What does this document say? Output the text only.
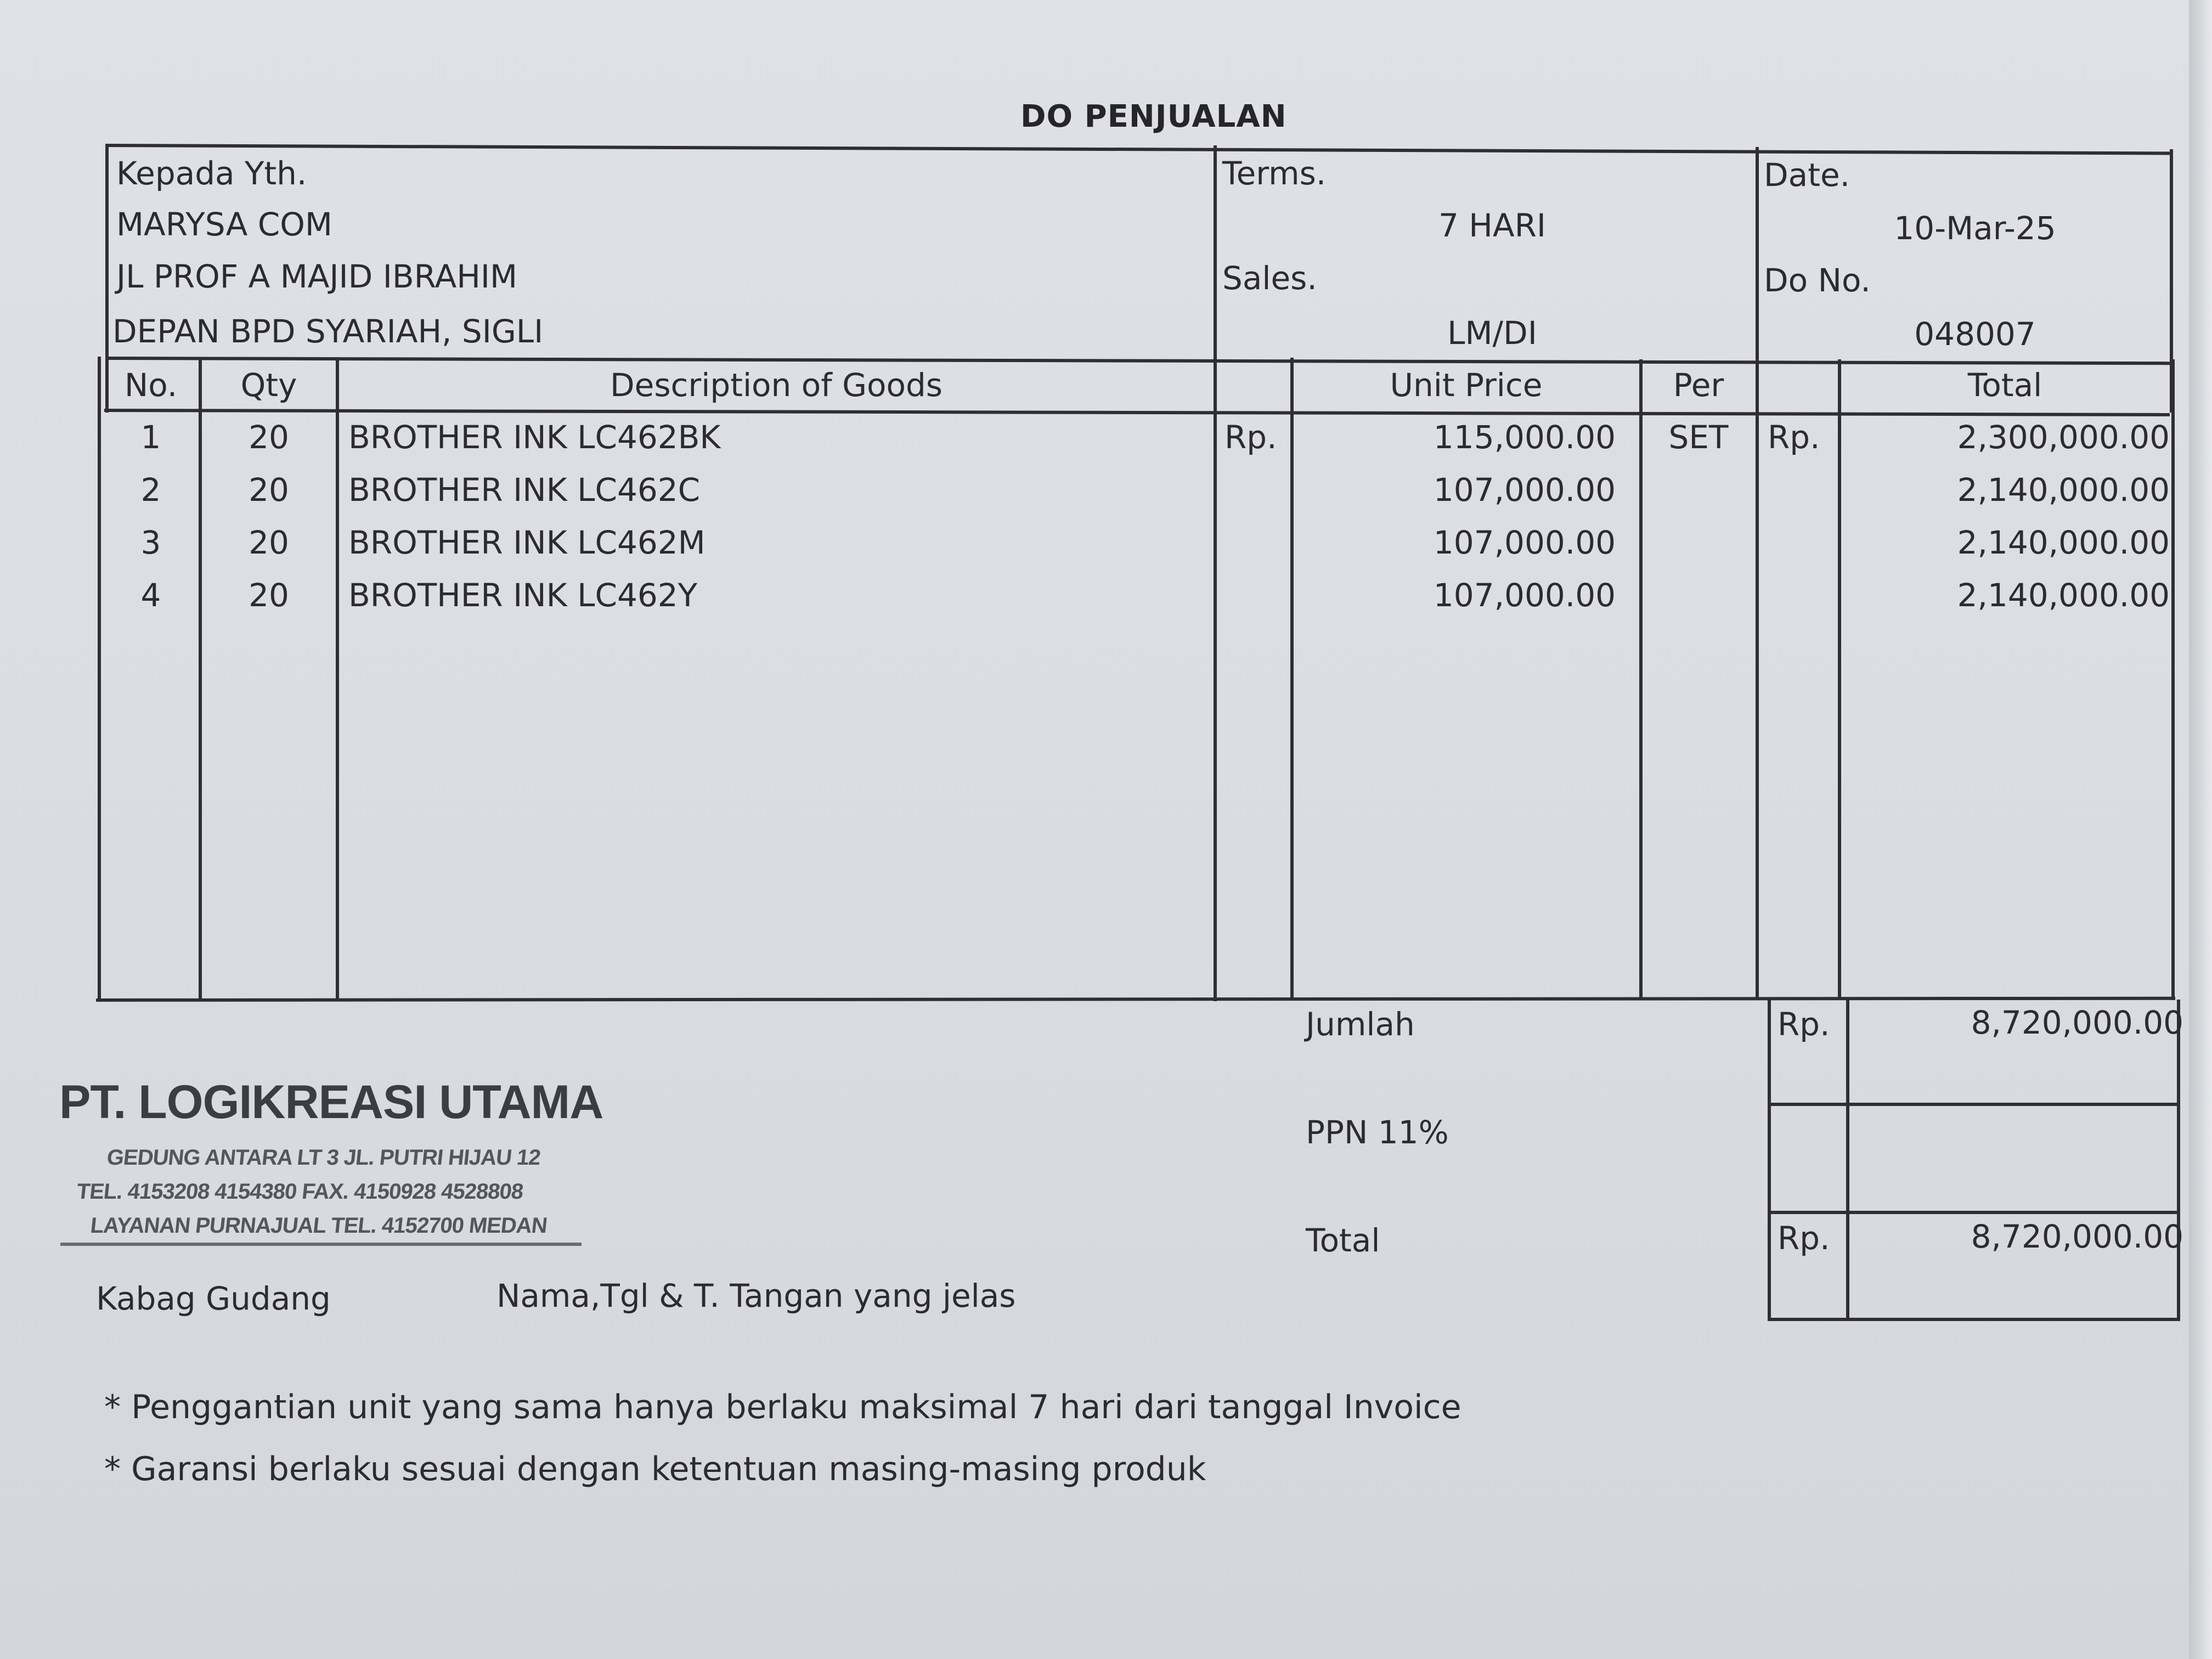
DO PENJUALAN
Kepada Yth.
MARYSA COM
JL PROF A MAJID IBRAHIM
DEPAN BPD SYARIAH, SIGLI
Terms.
7 HARI
Sales.
LM/DI
Date.
10-Mar-25
Do No.
048007
No.	Qty	Description of Goods	Unit Price	Per	Total
1	20	BROTHER INK LC462BK	Rp.	115,000.00	SET	Rp.	2,300,000.00
2	20	BROTHER INK LC462C	107,000.00	2,140,000.00
3	20	BROTHER INK LC462M	107,000.00	2,140,000.00
4	20	BROTHER INK LC462Y	107,000.00	2,140,000.00
Jumlah	Rp.	8,720,000.00
PPN 11%
Total	Rp.	8,720,000.00
PT. LOGIKREASI UTAMA
GEDUNG ANTARA LT 3 JL. PUTRI HIJAU 12
TEL. 4153208 4154380 FAX. 4150928 4528808
LAYANAN PURNAJUAL TEL. 4152700 MEDAN
Kabag Gudang	Nama,Tgl & T. Tangan yang jelas
* Penggantian unit yang sama hanya berlaku maksimal 7 hari dari tanggal Invoice
* Garansi berlaku sesuai dengan ketentuan masing-masing produk
